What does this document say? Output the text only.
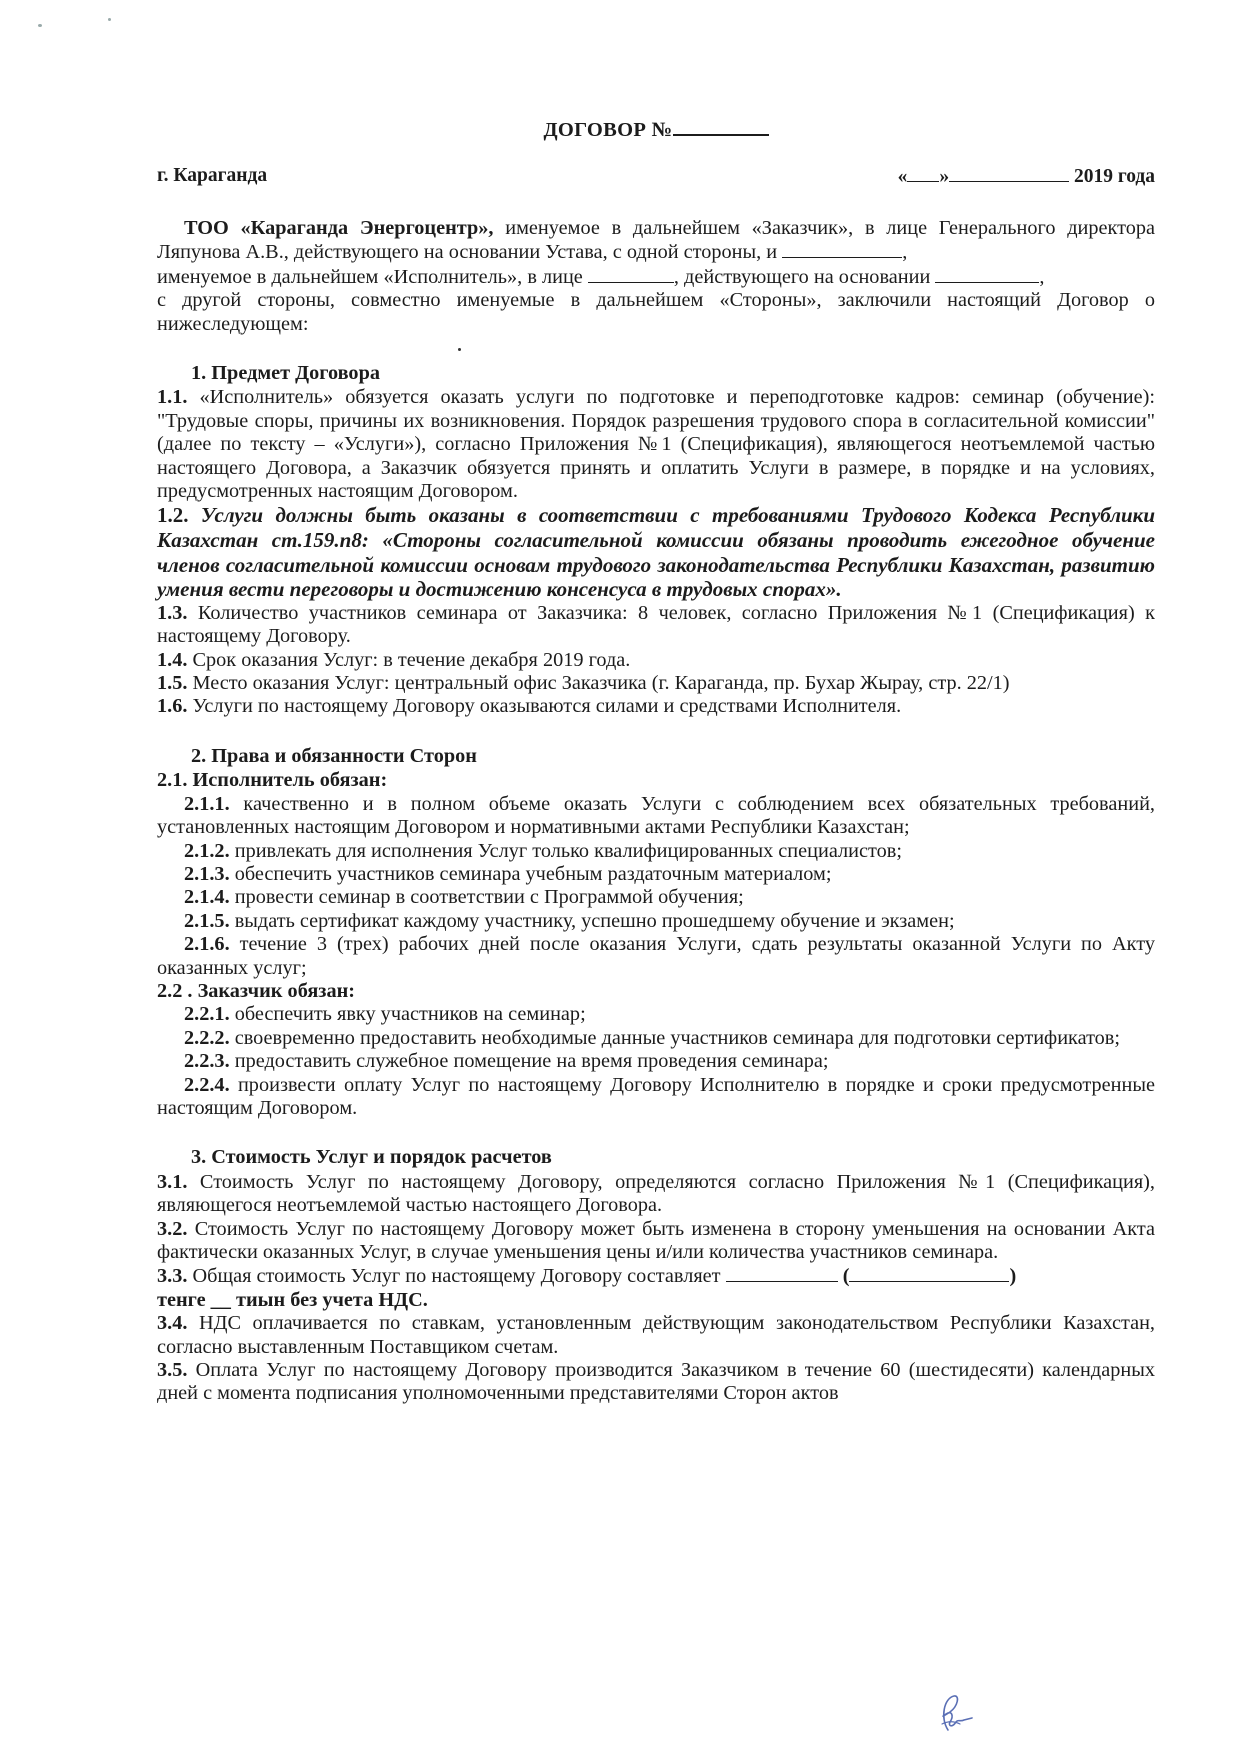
ДОГОВОР №
г. Караганда	« »	2019 года

ТОО «Караганда Энергоцентр», именуемое в дальнейшем «Заказчик», в лице Генерального директора Ляпунова А.В., действующего на основании Устава, с одной стороны, и	,
именуемое в дальнейшем «Исполнитель», в лице	, действующего на основании	,
с другой стороны, совместно именуемые в дальнейшем «Стороны», заключили настоящий Договор о нижеследующем:

1. Предмет Договора

1.1. «Исполнитель» обязуется оказать услуги по подготовке и переподготовке кадров: семинар (обучение): "Трудовые споры, причины их возникновения. Порядок разрешения трудового спора в согласительной комиссии" (далее по тексту – «Услуги»), согласно Приложения №1 (Спецификация), являющегося неотъемлемой частью настоящего Договора, а Заказчик обязуется принять и оплатить Услуги в размере, в порядке и на условиях, предусмотренных настоящим Договором.

1.2. Услуги должны быть оказаны в соответствии с требованиями Трудового Кодекса Республики Казахстан ст.159.п8: «Стороны согласительной комиссии обязаны проводить ежегодное обучение членов согласительной комиссии основам трудового законодательства Республики Казахстан, развитию умения вести переговоры и достижению консенсуса в трудовых спорах».

1.3. Количество участников семинара от Заказчика: 8 человек, согласно Приложения №1 (Спецификация) к настоящему Договору.

1.4. Срок оказания Услуг: в течение декабря 2019 года.

1.5. Место оказания Услуг: центральный офис Заказчика (г. Караганда, пр. Бухар Жырау, стр. 22/1)

1.6. Услуги по настоящему Договору оказываются силами и средствами Исполнителя.

2. Права и обязанности Сторон

2.1. Исполнитель обязан:

2.1.1. качественно и в полном объеме оказать Услуги с соблюдением всех обязательных требований, установленных настоящим Договором и нормативными актами Республики Казахстан;

2.1.2. привлекать для исполнения Услуг только квалифицированных специалистов;

2.1.3. обеспечить участников семинара учебным раздаточным материалом;

2.1.4. провести семинар в соответствии с Программой обучения;

2.1.5. выдать сертификат каждому участнику, успешно прошедшему обучение и экзамен;

2.1.6. течение 3 (трех) рабочих дней после оказания Услуги, сдать результаты оказанной Услуги по Акту оказанных услуг;

2.2 . Заказчик обязан:

2.2.1. обеспечить явку участников на семинар;

2.2.2. своевременно предоставить необходимые данные участников семинара для подготовки сертификатов;

2.2.3. предоставить служебное помещение на время проведения семинара;

2.2.4. произвести оплату Услуг по настоящему Договору Исполнителю в порядке и сроки предусмотренные настоящим Договором.

3. Стоимость Услуг и порядок расчетов

3.1. Стоимость Услуг по настоящему Договору, определяются согласно Приложения №1 (Спецификация), являющегося неотъемлемой частью настоящего Договора.

3.2. Стоимость Услуг по настоящему Договору может быть изменена в сторону уменьшения на основании Акта фактически оказанных Услуг, в случае уменьшения цены и/или количества участников семинара.

3.3. Общая стоимость Услуг по настоящему Договору составляет	(	)
тенге __ тиын без учета НДС.

3.4. НДС оплачивается по ставкам, установленным действующим законодательством Республики Казахстан, согласно выставленным Поставщиком счетам.

3.5. Оплата Услуг по настоящему Договору производится Заказчиком в течение 60 (шестидесяти) календарных дней с момента подписания уполномоченными представителями Сторон актов
